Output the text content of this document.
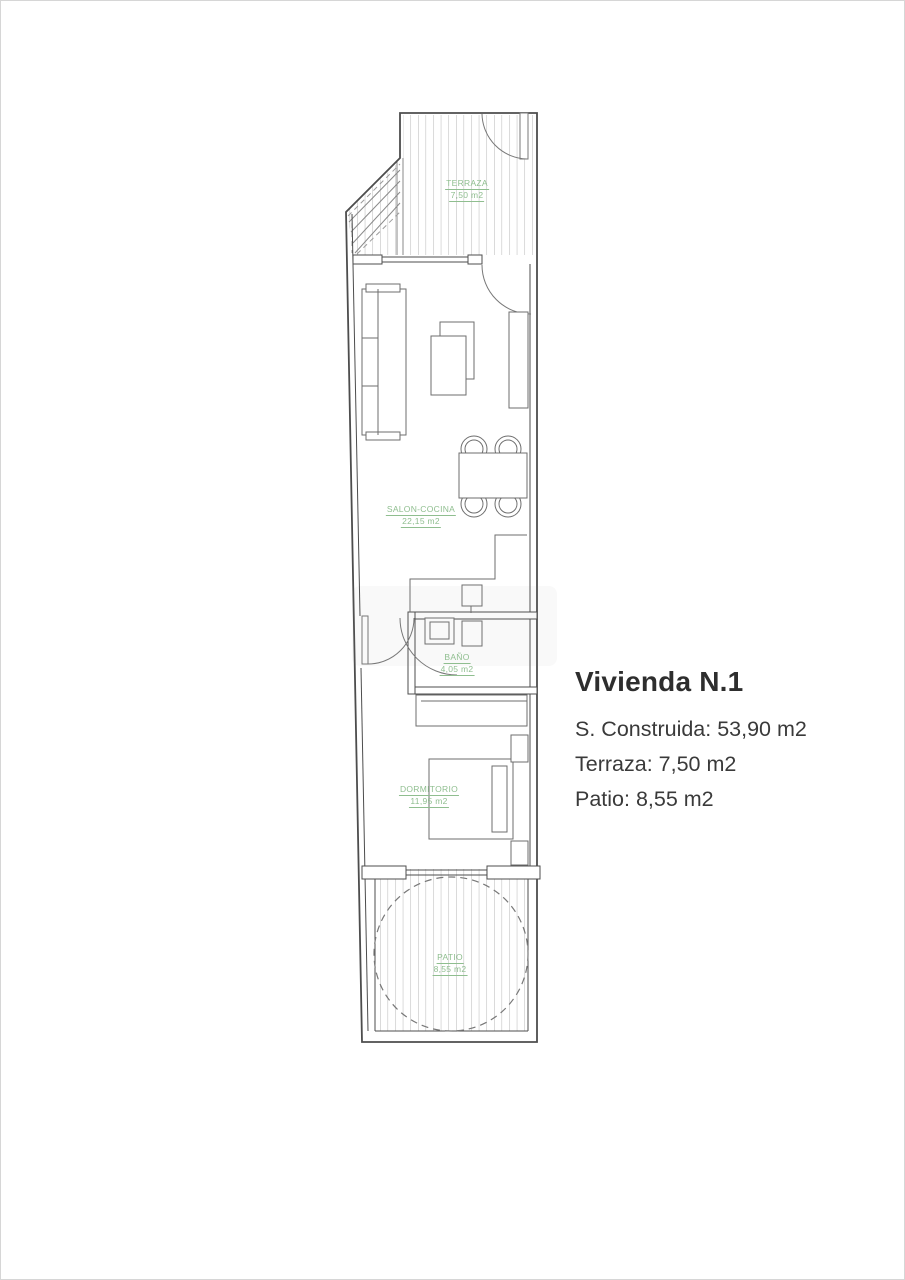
TERRAZA
7,50 m2
SALON-COCINA
22,15 m2
BAÑO
4,05 m2
DORMITORIO
11,95 m2
PATIO
8,55 m2
Vivienda N.1

S. Construida: 53,90 m2

Terraza: 7,50 m2

Patio: 8,55 m2
